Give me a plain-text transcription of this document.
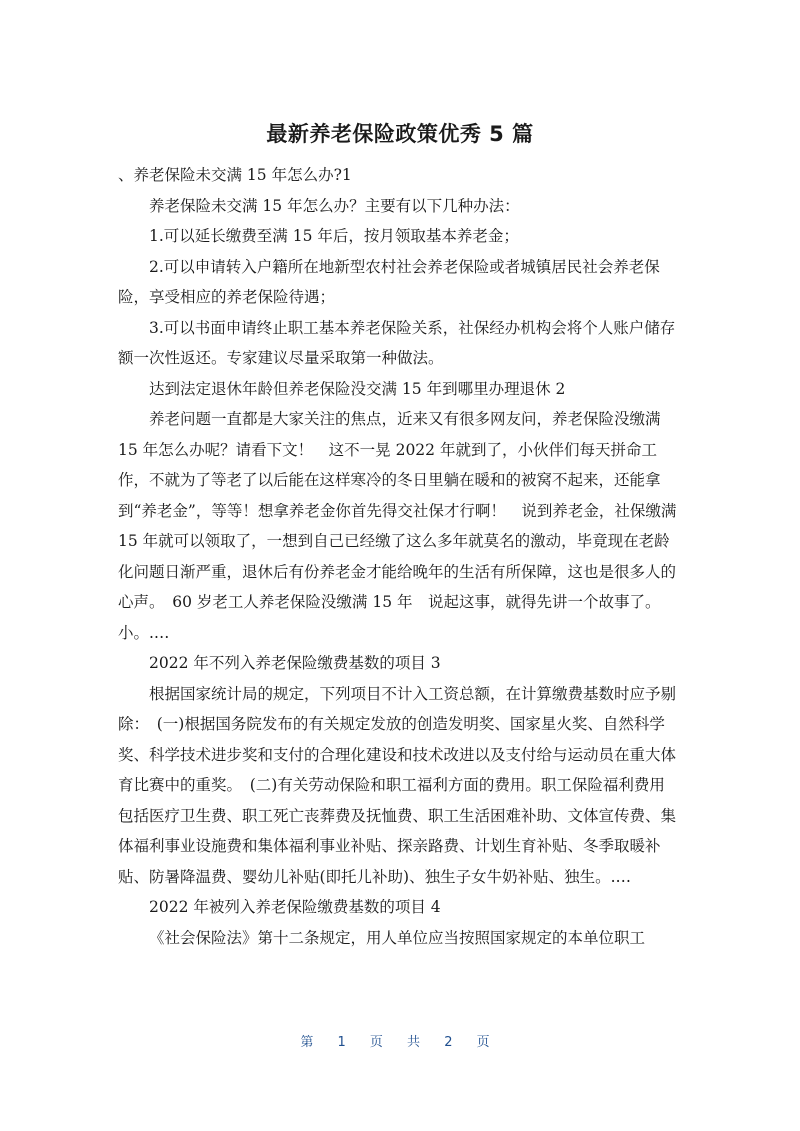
最新养老保险政策优秀 5 篇

、养老保险未交满 15 年怎么办?1

养老保险未交满 15 年怎么办？主要有以下几种办法：

1.可以延长缴费至满 15 年后，按月领取基本养老金；

2.可以申请转入户籍所在地新型农村社会养老保险或者城镇居民社会养老保险，享受相应的养老保险待遇；

3.可以书面申请终止职工基本养老保险关系，社保经办机构会将个人账户储存额一次性返还。专家建议尽量采取第一种做法。

达到法定退休年龄但养老保险没交满 15 年到哪里办理退休 2

养老问题一直都是大家关注的焦点，近来又有很多网友问，养老保险没缴满 15 年怎么办呢？请看下文！　这不一晃 2022 年就到了，小伙伴们每天拼命工作，不就为了等老了以后能在这样寒冷的冬日里躺在暖和的被窝不起来，还能拿到“养老金”，等等！想拿养老金你首先得交社保才行啊！　说到养老金，社保缴满 15 年就可以领取了，一想到自己已经缴了这么多年就莫名的激动，毕竟现在老龄化问题日渐严重，退休后有份养老金才能给晚年的生活有所保障，这也是很多人的心声。　60 岁老工人养老保险没缴满 15 年　说起这事，就得先讲一个故事了。　小。.…

2022 年不列入养老保险缴费基数的项目 3

根据国家统计局的规定，下列项目不计入工资总额，在计算缴费基数时应予剔除：　(一)根据国务院发布的有关规定发放的创造发明奖、国家星火奖、自然科学奖、科学技术进步奖和支付的合理化建设和技术改进以及支付给与运动员在重大体育比赛中的重奖。　(二)有关劳动保险和职工福利方面的费用。职工保险福利费用包括医疗卫生费、职工死亡丧葬费及抚恤费、职工生活困难补助、文体宣传费、集体福利事业设施费和集体福利事业补贴、探亲路费、计划生育补贴、冬季取暖补贴、防暑降温费、婴幼儿补贴(即托儿补助)、独生子女牛奶补贴、独生。.…

2022 年被列入养老保险缴费基数的项目 4

《社会保险法》第十二条规定，用人单位应当按照国家规定的本单位职工

第 1 页 共 2 页
